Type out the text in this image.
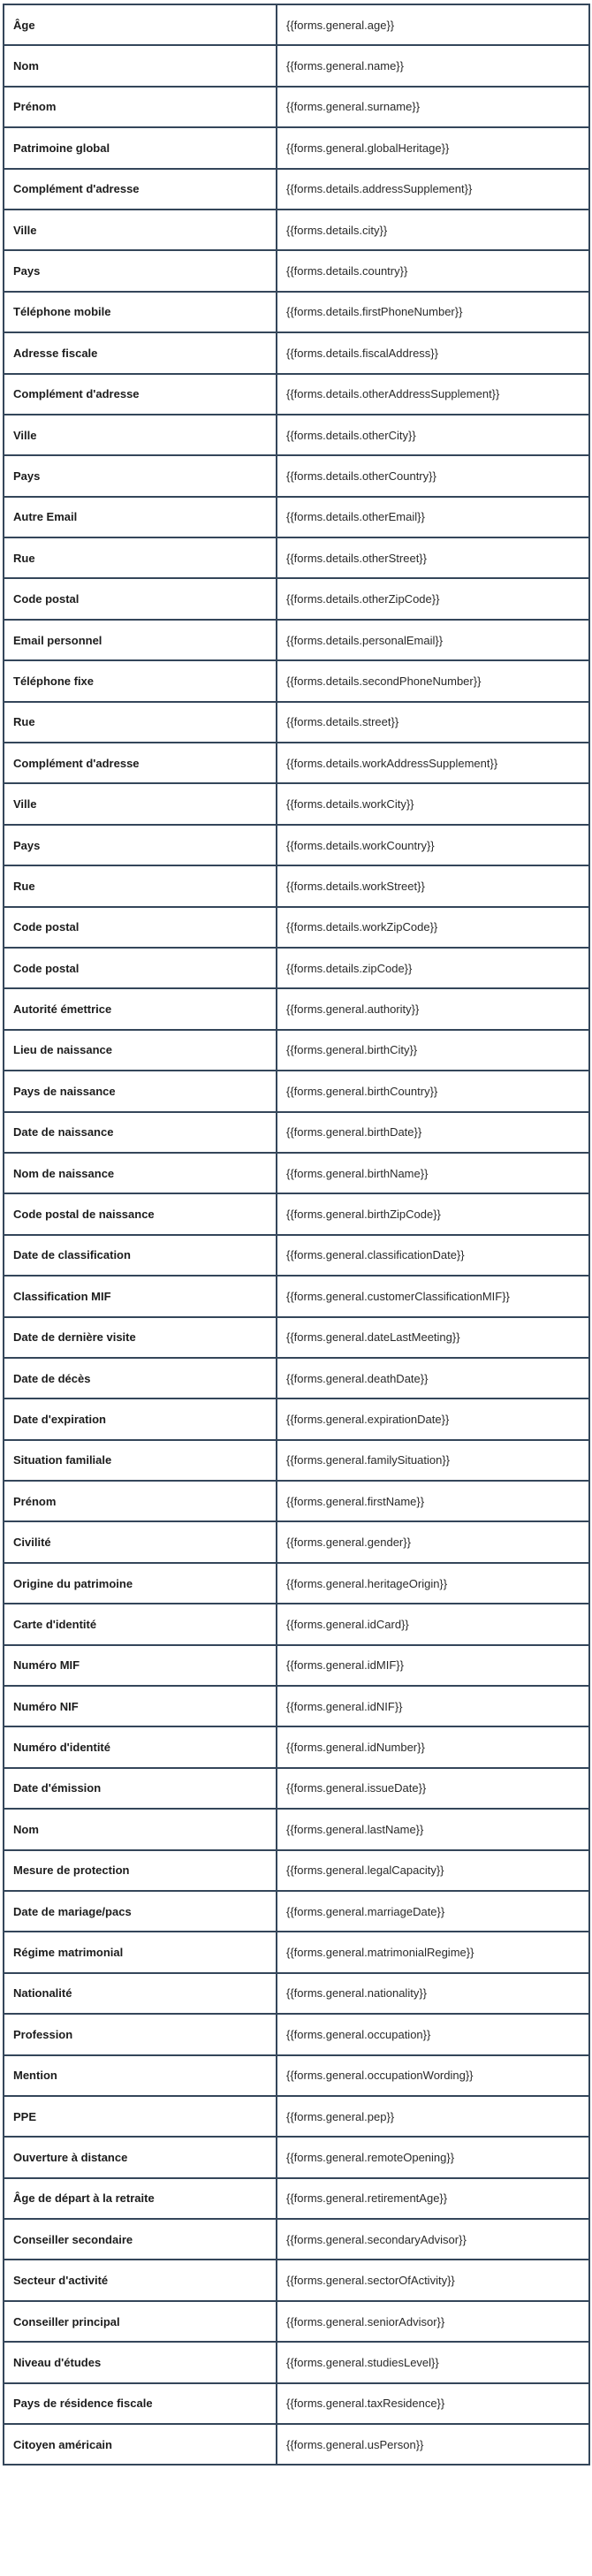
Âge	{{forms.general.age}}
Nom	{{forms.general.name}}
Prénom	{{forms.general.surname}}
Patrimoine global	{{forms.general.globalHeritage}}
Complément d'adresse	{{forms.details.addressSupplement}}
Ville	{{forms.details.city}}
Pays	{{forms.details.country}}
Téléphone mobile	{{forms.details.firstPhoneNumber}}
Adresse fiscale	{{forms.details.fiscalAddress}}
Complément d'adresse	{{forms.details.otherAddressSupplement}}
Ville	{{forms.details.otherCity}}
Pays	{{forms.details.otherCountry}}
Autre Email	{{forms.details.otherEmail}}
Rue	{{forms.details.otherStreet}}
Code postal	{{forms.details.otherZipCode}}
Email personnel	{{forms.details.personalEmail}}
Téléphone fixe	{{forms.details.secondPhoneNumber}}
Rue	{{forms.details.street}}
Complément d'adresse	{{forms.details.workAddressSupplement}}
Ville	{{forms.details.workCity}}
Pays	{{forms.details.workCountry}}
Rue	{{forms.details.workStreet}}
Code postal	{{forms.details.workZipCode}}
Code postal	{{forms.details.zipCode}}
Autorité émettrice	{{forms.general.authority}}
Lieu de naissance	{{forms.general.birthCity}}
Pays de naissance	{{forms.general.birthCountry}}
Date de naissance	{{forms.general.birthDate}}
Nom de naissance	{{forms.general.birthName}}
Code postal de naissance	{{forms.general.birthZipCode}}
Date de classification	{{forms.general.classificationDate}}
Classification MIF	{{forms.general.customerClassificationMIF}}
Date de dernière visite	{{forms.general.dateLastMeeting}}
Date de décès	{{forms.general.deathDate}}
Date d'expiration	{{forms.general.expirationDate}}
Situation familiale	{{forms.general.familySituation}}
Prénom	{{forms.general.firstName}}
Civilité	{{forms.general.gender}}
Origine du patrimoine	{{forms.general.heritageOrigin}}
Carte d'identité	{{forms.general.idCard}}
Numéro MIF	{{forms.general.idMIF}}
Numéro NIF	{{forms.general.idNIF}}
Numéro d'identité	{{forms.general.idNumber}}
Date d'émission	{{forms.general.issueDate}}
Nom	{{forms.general.lastName}}
Mesure de protection	{{forms.general.legalCapacity}}
Date de mariage/pacs	{{forms.general.marriageDate}}
Régime matrimonial	{{forms.general.matrimonialRegime}}
Nationalité	{{forms.general.nationality}}
Profession	{{forms.general.occupation}}
Mention	{{forms.general.occupationWording}}
PPE	{{forms.general.pep}}
Ouverture à distance	{{forms.general.remoteOpening}}
Âge de départ à la retraite	{{forms.general.retirementAge}}
Conseiller secondaire	{{forms.general.secondaryAdvisor}}
Secteur d'activité	{{forms.general.sectorOfActivity}}
Conseiller principal	{{forms.general.seniorAdvisor}}
Niveau d'études	{{forms.general.studiesLevel}}
Pays de résidence fiscale	{{forms.general.taxResidence}}
Citoyen américain	{{forms.general.usPerson}}
